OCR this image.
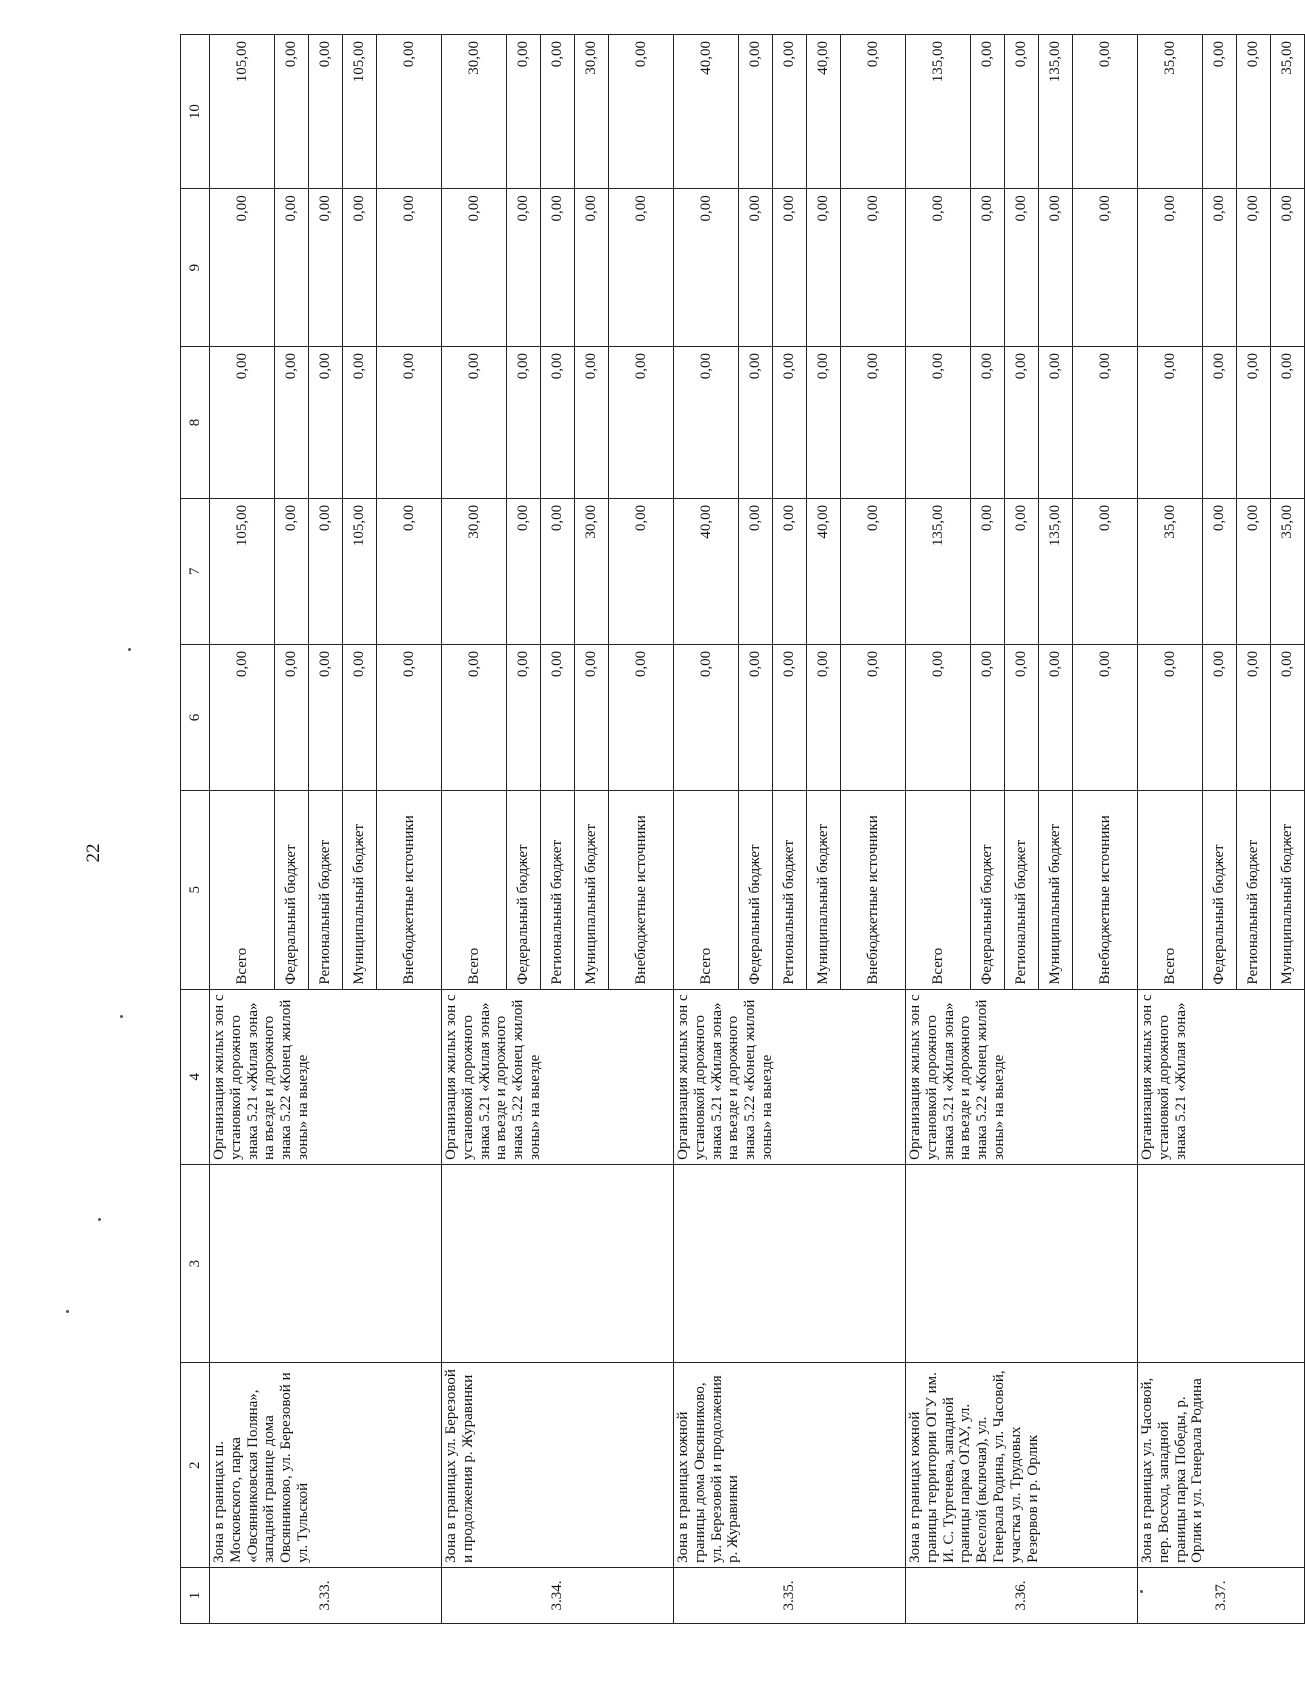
22
1	2	3	4	5	6	7	8	9	10
3.33.	Зона в границах ш. Московского, парка «Овсянниковская Поляна», западной границе дома Овсянниково, ул. Березовой и ул. Тульской		Организация жилых зон с установкой дорожного знака 5.21 «Жилая зона» на въезде и дорожного знака 5.22 «Конец жилой зоны» на выезде	Всего	0,00	105,00	0,00	0,00	105,00
				Федеральный бюджет	0,00	0,00	0,00	0,00	0,00
				Региональный бюджет	0,00	0,00	0,00	0,00	0,00
				Муниципальный бюджет	0,00	105,00	0,00	0,00	105,00
				Внебюджетные источники	0,00	0,00	0,00	0,00	0,00
3.34.	Зона в границах ул. Березовой и продолжения р. Журавинки		Организация жилых зон с установкой дорожного знака 5.21 «Жилая зона» на въезде и дорожного знака 5.22 «Конец жилой зоны» на выезде	Всего	0,00	30,00	0,00	0,00	30,00
				Федеральный бюджет	0,00	0,00	0,00	0,00	0,00
				Региональный бюджет	0,00	0,00	0,00	0,00	0,00
				Муниципальный бюджет	0,00	30,00	0,00	0,00	30,00
				Внебюджетные источники	0,00	0,00	0,00	0,00	0,00
3.35.	Зона в границах южной границы дома Овсянниково, ул. Березовой и продолжения р. Журавинки		Организация жилых зон с установкой дорожного знака 5.21 «Жилая зона» на въезде и дорожного знака 5.22 «Конец жилой зоны» на выезде	Всего	0,00	40,00	0,00	0,00	40,00
				Федеральный бюджет	0,00	0,00	0,00	0,00	0,00
				Региональный бюджет	0,00	0,00	0,00	0,00	0,00
				Муниципальный бюджет	0,00	40,00	0,00	0,00	40,00
				Внебюджетные источники	0,00	0,00	0,00	0,00	0,00
3.36.	Зона в границах южной границы территории ОГУ им. И. С. Тургенева, западной границы парка ОГАУ, ул. Веселой (включая), ул. Генерала Родина, ул. Часовой, участка ул. Трудовых Резервов и р. Орлик		Организация жилых зон с установкой дорожного знака 5.21 «Жилая зона» на въезде и дорожного знака 5.22 «Конец жилой зоны» на выезде	Всего	0,00	135,00	0,00	0,00	135,00
				Федеральный бюджет	0,00	0,00	0,00	0,00	0,00
				Региональный бюджет	0,00	0,00	0,00	0,00	0,00
				Муниципальный бюджет	0,00	135,00	0,00	0,00	135,00
				Внебюджетные источники	0,00	0,00	0,00	0,00	0,00
3.37.	Зона в границах ул. Часовой, пер. Восход, западной границы парка Победы, р. Орлик и ул. Генерала Родина		Организация жилых зон с установкой дорожного знака 5.21 «Жилая зона»	Всего	0,00	35,00	0,00	0,00	35,00
				Федеральный бюджет	0,00	0,00	0,00	0,00	0,00
				Региональный бюджет	0,00	0,00	0,00	0,00	0,00
				Муниципальный бюджет	0,00	35,00	0,00	0,00	35,00
